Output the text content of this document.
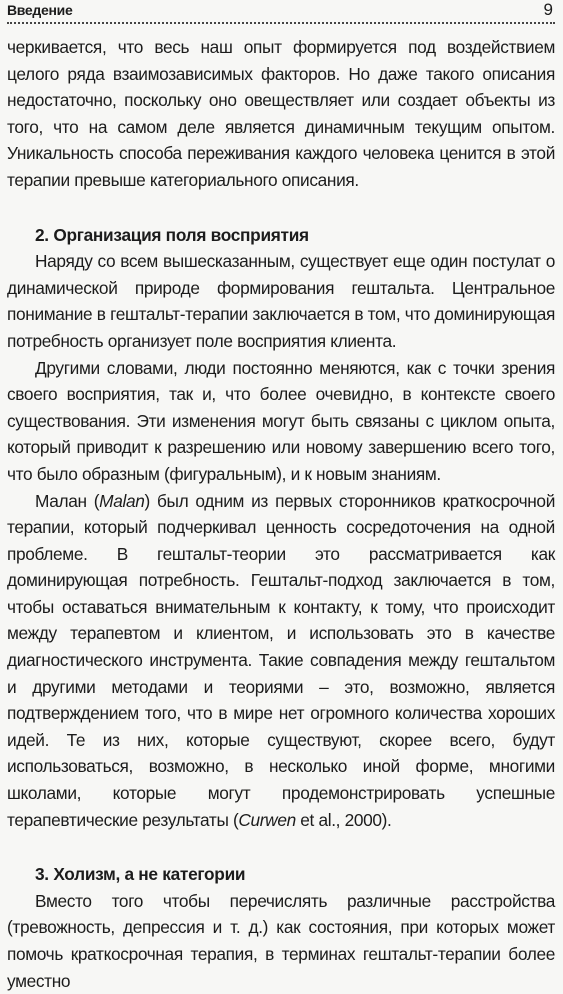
Введение	9

черкивается, что весь наш опыт формируется под воздействием целого ряда взаимозависимых факторов. Но даже такого описания недостаточно, поскольку оно овеществляет или создает объекты из того, что на самом деле является динамичным текущим опытом. Уникальность способа переживания каждого человека ценится в этой терапии превыше категориального описания.

2. Организация поля восприятия

Наряду со всем вышесказанным, существует еще один постулат о динамической природе формирования гештальта. Центральное понимание в гештальт-терапии заключается в том, что доминирующая потребность организует поле восприятия клиента.

Другими словами, люди постоянно меняются, как с точки зрения своего восприятия, так и, что более очевидно, в контексте своего существования. Эти изменения могут быть связаны с циклом опыта, который приводит к разрешению или новому завершению всего того, что было образным (фигуральным), и к новым знаниям.

Малан (Malan) был одним из первых сторонников краткосрочной терапии, который подчеркивал ценность сосредоточения на одной проблеме. В гештальт-теории это рассматривается как доминирующая потребность. Гештальт-подход заключается в том, чтобы оставаться внимательным к контакту, к тому, что происходит между терапевтом и клиентом, и использовать это в качестве диагностического инструмента. Такие совпадения между гештальтом и другими методами и теориями – это, возможно, является подтверждением того, что в мире нет огромного количества хороших идей. Те из них, которые существуют, скорее всего, будут использоваться, возможно, в несколько иной форме, многими школами, которые могут продемонстрировать успешные терапевтические результаты (Curwen et al., 2000).

3. Холизм, а не категории

Вместо того чтобы перечислять различные расстройства (тревожность, депрессия и т. д.) как состояния, при которых может помочь краткосрочная терапия, в терминах гештальт-терапии более уместно
